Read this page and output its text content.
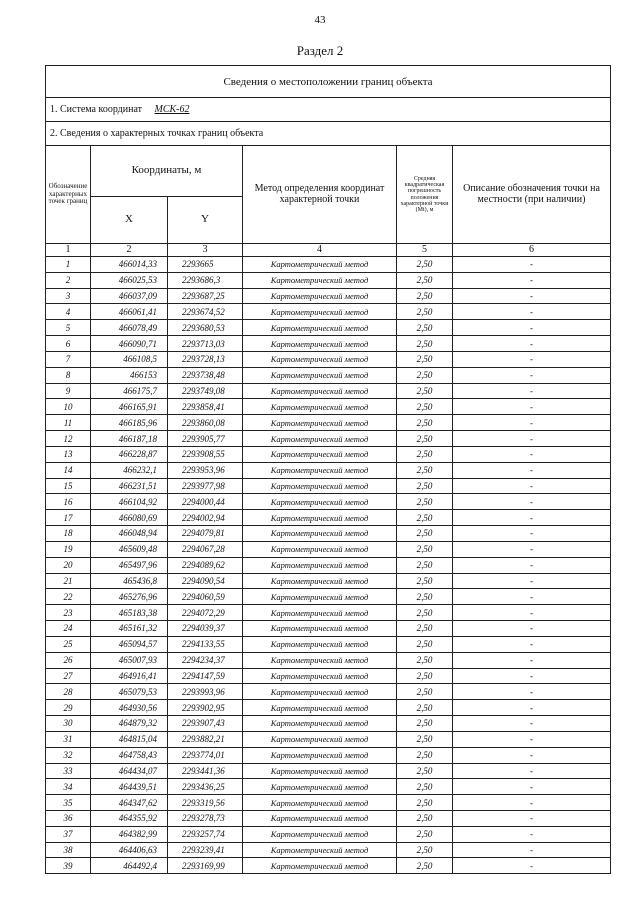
43
Раздел 2
Сведения о местоположении границ объекта					
1. Система координат МСК-62					
2. Сведения о характерных точках границ объекта					
Обозначение характерных точек границ	Координаты, м		Метод определения координат характерной точки	Средняя квадратическая погрешность положения характерной точки (Mt), м	Описание обозначения точки на местности (при наличии)
	X	Y			
1	2	3	4	5	6
1	466014,33	2293665	Картометрический метод	2,50	-
2	466025,53	2293686,3	Картометрический метод	2,50	-
3	466037,09	2293687,25	Картометрический метод	2,50	-
4	466061,41	2293674,52	Картометрический метод	2,50	-
5	466078,49	2293680,53	Картометрический метод	2,50	-
6	466090,71	2293713,03	Картометрический метод	2,50	-
7	466108,5	2293728,13	Картометрический метод	2,50	-
8	466153	2293738,48	Картометрический метод	2,50	-
9	466175,7	2293749,08	Картометрический метод	2,50	-
10	466165,91	2293858,41	Картометрический метод	2,50	-
11	466185,96	2293860,08	Картометрический метод	2,50	-
12	466187,18	2293905,77	Картометрический метод	2,50	-
13	466228,87	2293908,55	Картометрический метод	2,50	-
14	466232,1	2293953,96	Картометрический метод	2,50	-
15	466231,51	2293977,98	Картометрический метод	2,50	-
16	466104,92	2294000,44	Картометрический метод	2,50	-
17	466080,69	2294002,94	Картометрический метод	2,50	-
18	466048,94	2294079,81	Картометрический метод	2,50	-
19	465609,48	2294067,28	Картометрический метод	2,50	-
20	465497,96	2294089,62	Картометрический метод	2,50	-
21	465436,8	2294090,54	Картометрический метод	2,50	-
22	465276,96	2294060,59	Картометрический метод	2,50	-
23	465183,38	2294072,29	Картометрический метод	2,50	-
24	465161,32	2294039,37	Картометрический метод	2,50	-
25	465094,57	2294133,55	Картометрический метод	2,50	-
26	465007,93	2294234,37	Картометрический метод	2,50	-
27	464916,41	2294147,59	Картометрический метод	2,50	-
28	465079,53	2293993,96	Картометрический метод	2,50	-
29	464930,56	2293902,95	Картометрический метод	2,50	-
30	464879,32	2293907,43	Картометрический метод	2,50	-
31	464815,04	2293882,21	Картометрический метод	2,50	-
32	464758,43	2293774,01	Картометрический метод	2,50	-
33	464434,07	2293441,36	Картометрический метод	2,50	-
34	464439,51	2293436,25	Картометрический метод	2,50	-
35	464347,62	2293319,56	Картометрический метод	2,50	-
36	464355,92	2293278,73	Картометрический метод	2,50	-
37	464382,99	2293257,74	Картометрический метод	2,50	-
38	464406,63	2293239,41	Картометрический метод	2,50	-
39	464492,4	2293169,99	Картометрический метод	2,50	-
